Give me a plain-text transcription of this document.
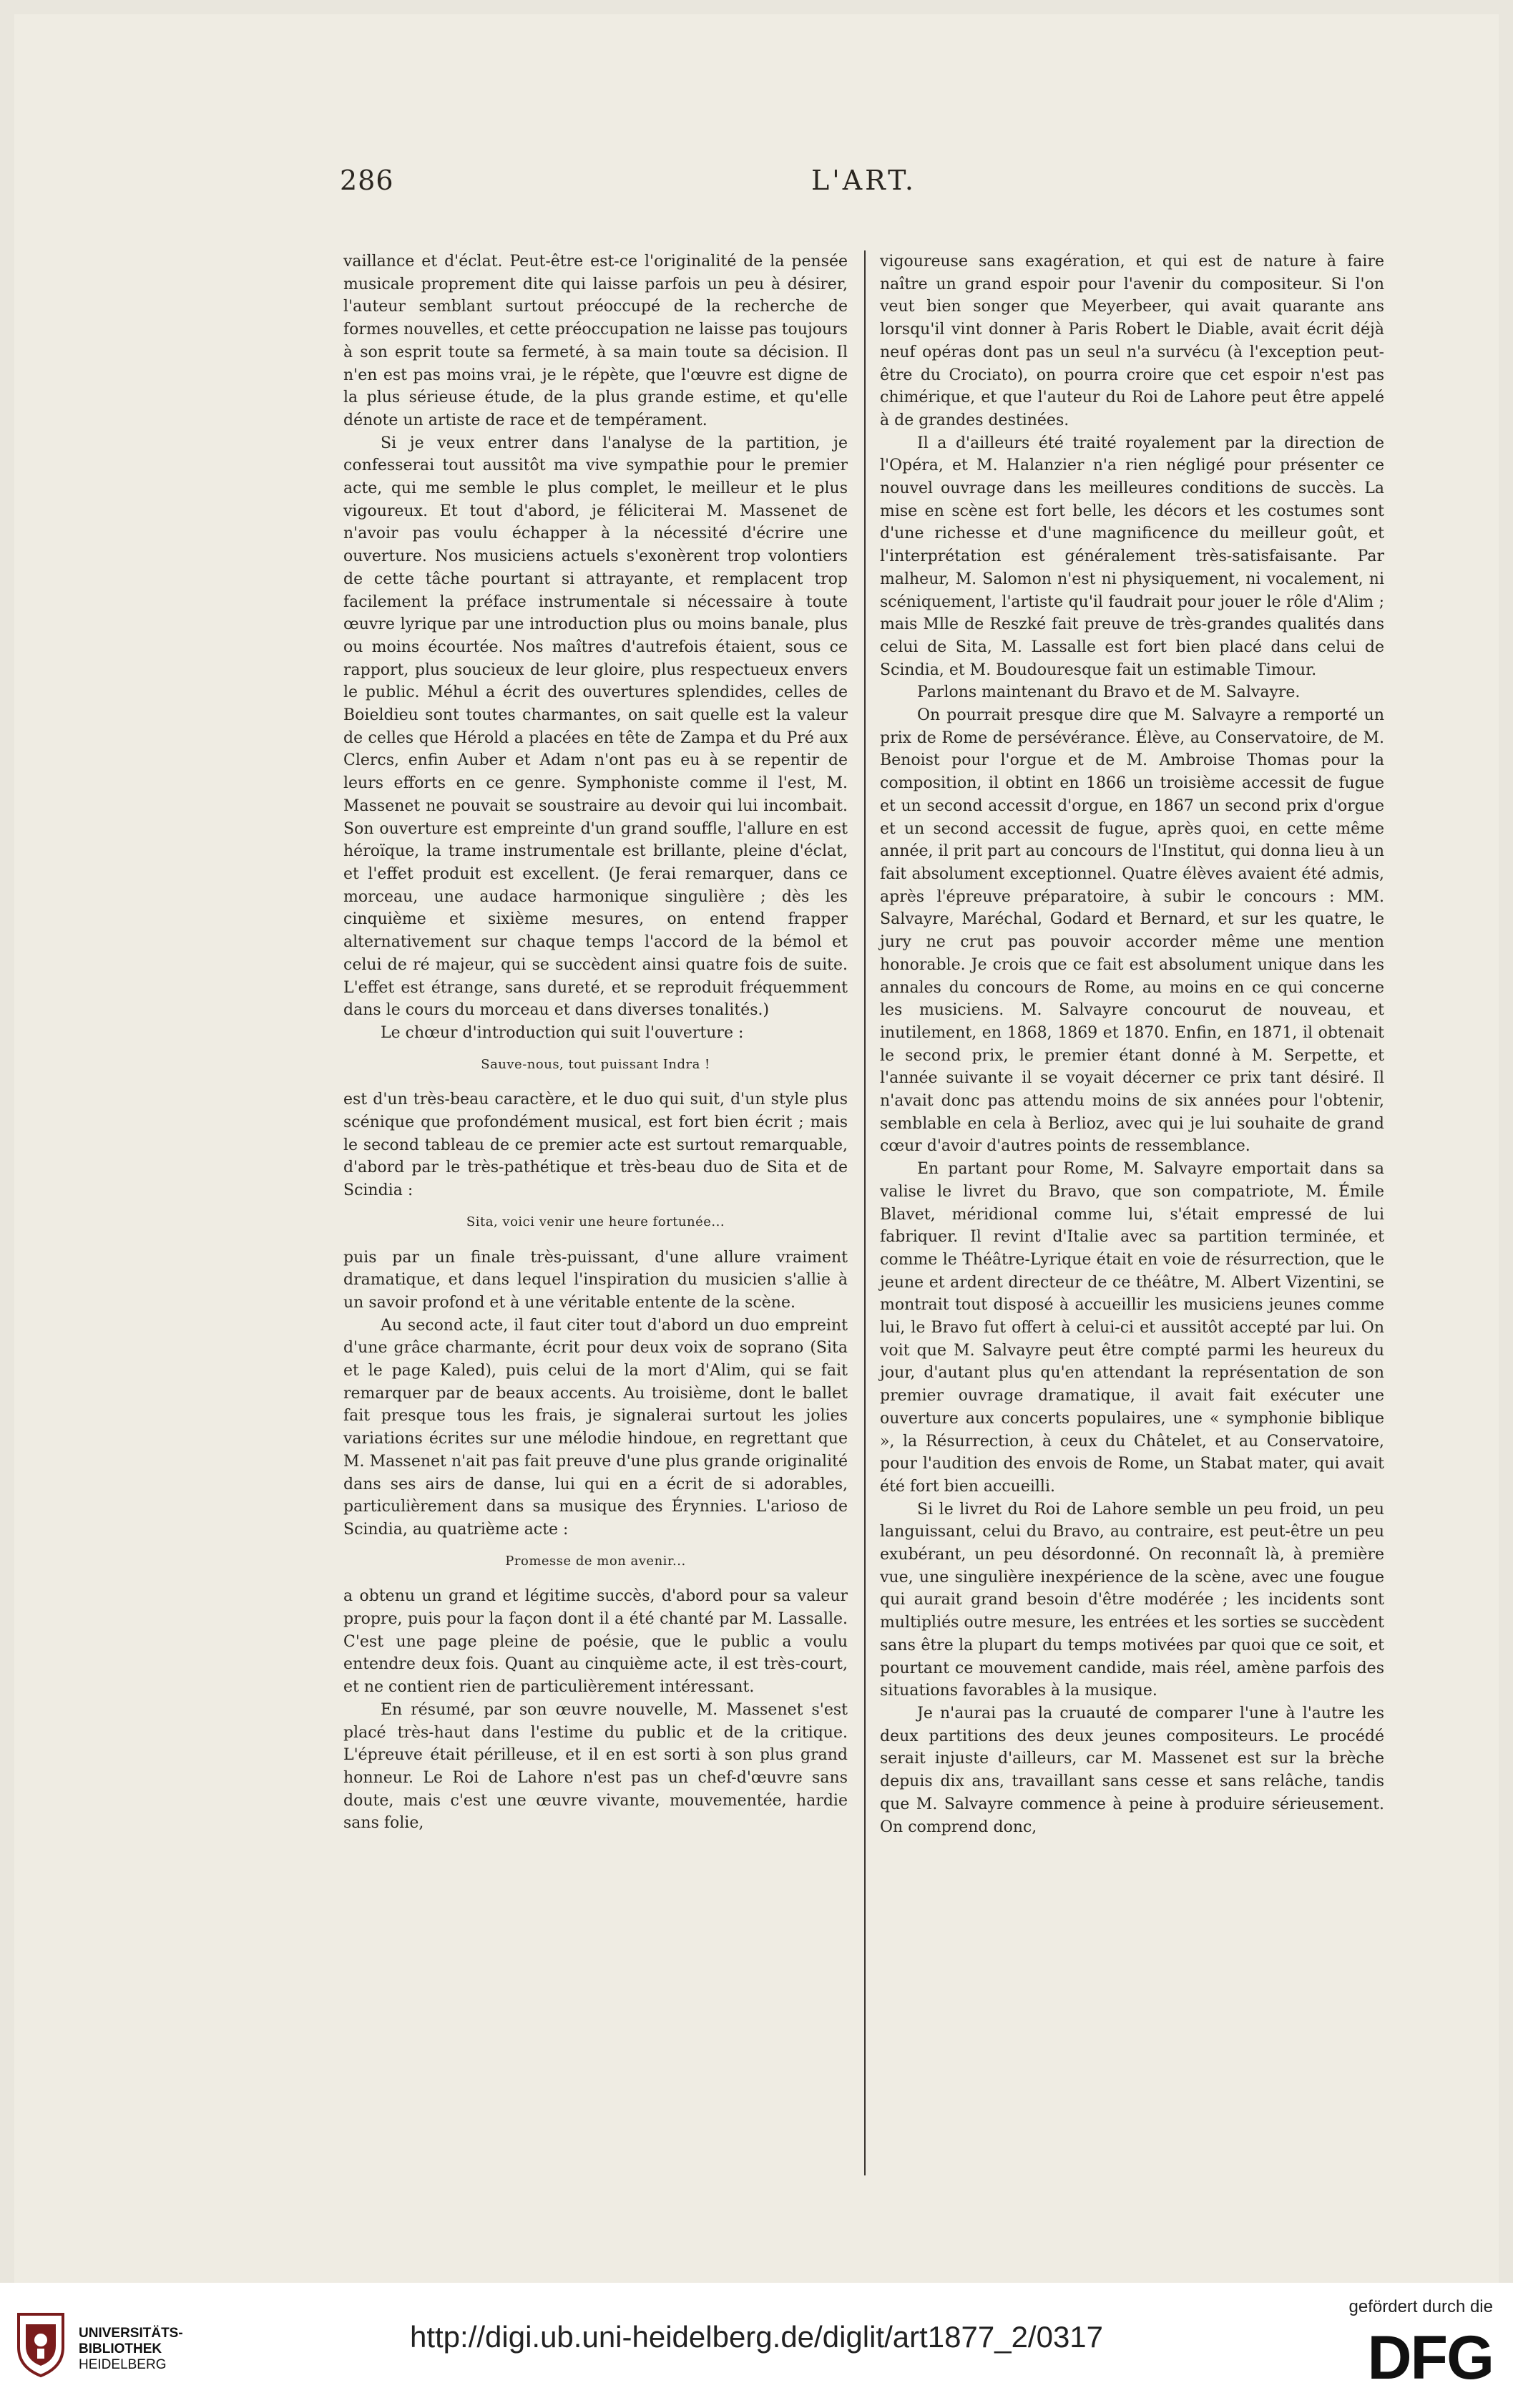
286	L'ART.

vaillance et d'éclat. Peut-être est-ce l'originalité de la pensée musicale proprement dite qui laisse parfois un peu à désirer, l'auteur semblant surtout préoccupé de la recherche de formes nouvelles, et cette préoccupation ne laisse pas toujours à son esprit toute sa fermeté, à sa main toute sa décision. Il n'en est pas moins vrai, je le répète, que l'œuvre est digne de la plus sérieuse étude, de la plus grande estime, et qu'elle dénote un artiste de race et de tempérament.

Si je veux entrer dans l'analyse de la partition, je confesserai tout aussitôt ma vive sympathie pour le premier acte, qui me semble le plus complet, le meilleur et le plus vigoureux. Et tout d'abord, je féliciterai M. Massenet de n'avoir pas voulu échapper à la nécessité d'écrire une ouverture. Nos musiciens actuels s'exonèrent trop volontiers de cette tâche pourtant si attrayante, et remplacent trop facilement la préface instrumentale si nécessaire à toute œuvre lyrique par une introduction plus ou moins banale, plus ou moins écourtée. Nos maîtres d'autrefois étaient, sous ce rapport, plus soucieux de leur gloire, plus respectueux envers le public. Méhul a écrit des ouvertures splendides, celles de Boieldieu sont toutes charmantes, on sait quelle est la valeur de celles que Hérold a placées en tête de Zampa et du Pré aux Clercs, enfin Auber et Adam n'ont pas eu à se repentir de leurs efforts en ce genre. Symphoniste comme il l'est, M. Massenet ne pouvait se soustraire au devoir qui lui incombait. Son ouverture est empreinte d'un grand souffle, l'allure en est héroïque, la trame instrumentale est brillante, pleine d'éclat, et l'effet produit est excellent. (Je ferai remarquer, dans ce morceau, une audace harmonique singulière ; dès les cinquième et sixième mesures, on entend frapper alternativement sur chaque temps l'accord de la bémol et celui de ré majeur, qui se succèdent ainsi quatre fois de suite. L'effet est étrange, sans dureté, et se reproduit fréquemment dans le cours du morceau et dans diverses tonalités.)

Le chœur d'introduction qui suit l'ouverture :

Sauve-nous, tout puissant Indra !

est d'un très-beau caractère, et le duo qui suit, d'un style plus scénique que profondément musical, est fort bien écrit ; mais le second tableau de ce premier acte est surtout remarquable, d'abord par le très-pathétique et très-beau duo de Sita et de Scindia :

Sita, voici venir une heure fortunée...

puis par un finale très-puissant, d'une allure vraiment dramatique, et dans lequel l'inspiration du musicien s'allie à un savoir profond et à une véritable entente de la scène.

Au second acte, il faut citer tout d'abord un duo empreint d'une grâce charmante, écrit pour deux voix de soprano (Sita et le page Kaled), puis celui de la mort d'Alim, qui se fait remarquer par de beaux accents. Au troisième, dont le ballet fait presque tous les frais, je signalerai surtout les jolies variations écrites sur une mélodie hindoue, en regrettant que M. Massenet n'ait pas fait preuve d'une plus grande originalité dans ses airs de danse, lui qui en a écrit de si adorables, particulièrement dans sa musique des Érynnies. L'arioso de Scindia, au quatrième acte :

Promesse de mon avenir...

a obtenu un grand et légitime succès, d'abord pour sa valeur propre, puis pour la façon dont il a été chanté par M. Lassalle. C'est une page pleine de poésie, que le public a voulu entendre deux fois. Quant au cinquième acte, il est très-court, et ne contient rien de particulièrement intéressant.

En résumé, par son œuvre nouvelle, M. Massenet s'est placé très-haut dans l'estime du public et de la critique. L'épreuve était périlleuse, et il en est sorti à son plus grand honneur. Le Roi de Lahore n'est pas un chef-d'œuvre sans doute, mais c'est une œuvre vivante, mouvementée, hardie sans folie,

vigoureuse sans exagération, et qui est de nature à faire naître un grand espoir pour l'avenir du compositeur. Si l'on veut bien songer que Meyerbeer, qui avait quarante ans lorsqu'il vint donner à Paris Robert le Diable, avait écrit déjà neuf opéras dont pas un seul n'a survécu (à l'exception peut-être du Crociato), on pourra croire que cet espoir n'est pas chimérique, et que l'auteur du Roi de Lahore peut être appelé à de grandes destinées.

Il a d'ailleurs été traité royalement par la direction de l'Opéra, et M. Halanzier n'a rien négligé pour présenter ce nouvel ouvrage dans les meilleures conditions de succès. La mise en scène est fort belle, les décors et les costumes sont d'une richesse et d'une magnificence du meilleur goût, et l'interprétation est généralement très-satisfaisante. Par malheur, M. Salomon n'est ni physiquement, ni vocalement, ni scéniquement, l'artiste qu'il faudrait pour jouer le rôle d'Alim ; mais Mlle de Reszké fait preuve de très-grandes qualités dans celui de Sita, M. Lassalle est fort bien placé dans celui de Scindia, et M. Boudouresque fait un estimable Timour.

Parlons maintenant du Bravo et de M. Salvayre.

On pourrait presque dire que M. Salvayre a remporté un prix de Rome de persévérance. Élève, au Conservatoire, de M. Benoist pour l'orgue et de M. Ambroise Thomas pour la composition, il obtint en 1866 un troisième accessit de fugue et un second accessit d'orgue, en 1867 un second prix d'orgue et un second accessit de fugue, après quoi, en cette même année, il prit part au concours de l'Institut, qui donna lieu à un fait absolument exceptionnel. Quatre élèves avaient été admis, après l'épreuve préparatoire, à subir le concours : MM. Salvayre, Maréchal, Godard et Bernard, et sur les quatre, le jury ne crut pas pouvoir accorder même une mention honorable. Je crois que ce fait est absolument unique dans les annales du concours de Rome, au moins en ce qui concerne les musiciens. M. Salvayre concourut de nouveau, et inutilement, en 1868, 1869 et 1870. Enfin, en 1871, il obtenait le second prix, le premier étant donné à M. Serpette, et l'année suivante il se voyait décerner ce prix tant désiré. Il n'avait donc pas attendu moins de six années pour l'obtenir, semblable en cela à Berlioz, avec qui je lui souhaite de grand cœur d'avoir d'autres points de ressemblance.

En partant pour Rome, M. Salvayre emportait dans sa valise le livret du Bravo, que son compatriote, M. Émile Blavet, méridional comme lui, s'était empressé de lui fabriquer. Il revint d'Italie avec sa partition terminée, et comme le Théâtre-Lyrique était en voie de résurrection, que le jeune et ardent directeur de ce théâtre, M. Albert Vizentini, se montrait tout disposé à accueillir les musiciens jeunes comme lui, le Bravo fut offert à celui-ci et aussitôt accepté par lui. On voit que M. Salvayre peut être compté parmi les heureux du jour, d'autant plus qu'en attendant la représentation de son premier ouvrage dramatique, il avait fait exécuter une ouverture aux concerts populaires, une « symphonie biblique », la Résurrection, à ceux du Châtelet, et au Conservatoire, pour l'audition des envois de Rome, un Stabat mater, qui avait été fort bien accueilli.

Si le livret du Roi de Lahore semble un peu froid, un peu languissant, celui du Bravo, au contraire, est peut-être un peu exubérant, un peu désordonné. On reconnaît là, à première vue, une singulière inexpérience de la scène, avec une fougue qui aurait grand besoin d'être modérée ; les incidents sont multipliés outre mesure, les entrées et les sorties se succèdent sans être la plupart du temps motivées par quoi que ce soit, et pourtant ce mouvement candide, mais réel, amène parfois des situations favorables à la musique.

Je n'aurai pas la cruauté de comparer l'une à l'autre les deux partitions des deux jeunes compositeurs. Le procédé serait injuste d'ailleurs, car M. Massenet est sur la brèche depuis dix ans, travaillant sans cesse et sans relâche, tandis que M. Salvayre commence à peine à produire sérieusement. On comprend donc,

UNIVERSITÄTS-
BIBLIOTHEK
HEIDELBERG
http://digi.ub.uni-heidelberg.de/diglit/art1877_2/0317
gefördert durch die
DFG
